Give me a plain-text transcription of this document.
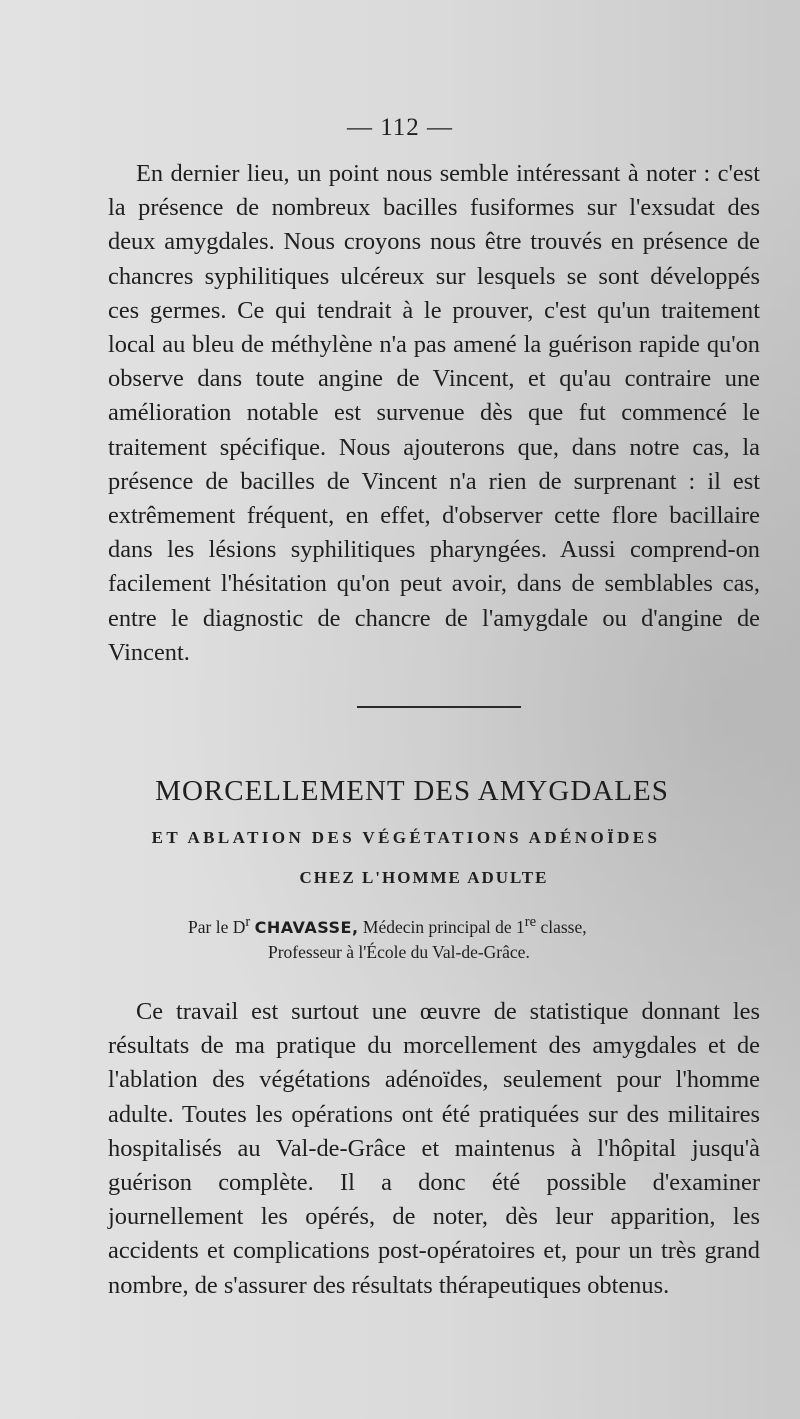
— 112 —

En dernier lieu, un point nous semble intéressant à noter : c'est la présence de nombreux bacilles fusiformes sur l'exsudat des deux amygdales. Nous croyons nous être trouvés en présence de chancres syphilitiques ulcéreux sur lesquels se sont développés ces germes. Ce qui tendrait à le prouver, c'est qu'un traitement local au bleu de méthylène n'a pas amené la guérison rapide qu'on observe dans toute angine de Vincent, et qu'au contraire une amélioration notable est survenue dès que fut commencé le traitement spécifique. Nous ajouterons que, dans notre cas, la présence de bacilles de Vincent n'a rien de surprenant : il est extrêmement fréquent, en effet, d'observer cette flore bacillaire dans les lésions syphilitiques pharyngées. Aussi comprend-on facilement l'hésitation qu'on peut avoir, dans de semblables cas, entre le diagnostic de chancre de l'amygdale ou d'angine de Vincent.

MORCELLEMENT DES AMYGDALES
ET ABLATION DES VÉGÉTATIONS ADÉNOÏDES
CHEZ L'HOMME ADULTE
Par le $D^r$ CHAVASSE, Médecin principal de 1re classe,
Professeur à l'École du Val-de-Grâce.

Ce travail est surtout une œuvre de statistique donnant les résultats de ma pratique du morcellement des amygdales et de l'ablation des végétations adénoïdes, seulement pour l'homme adulte. Toutes les opérations ont été pratiquées sur des militaires hospitalisés au Val-de-Grâce et maintenus à l'hôpital jusqu'à guérison complète. Il a donc été possible d'examiner journellement les opérés, de noter, dès leur apparition, les accidents et complications post-opératoires et, pour un très grand nombre, de s'assurer des résultats thérapeutiques obtenus.
